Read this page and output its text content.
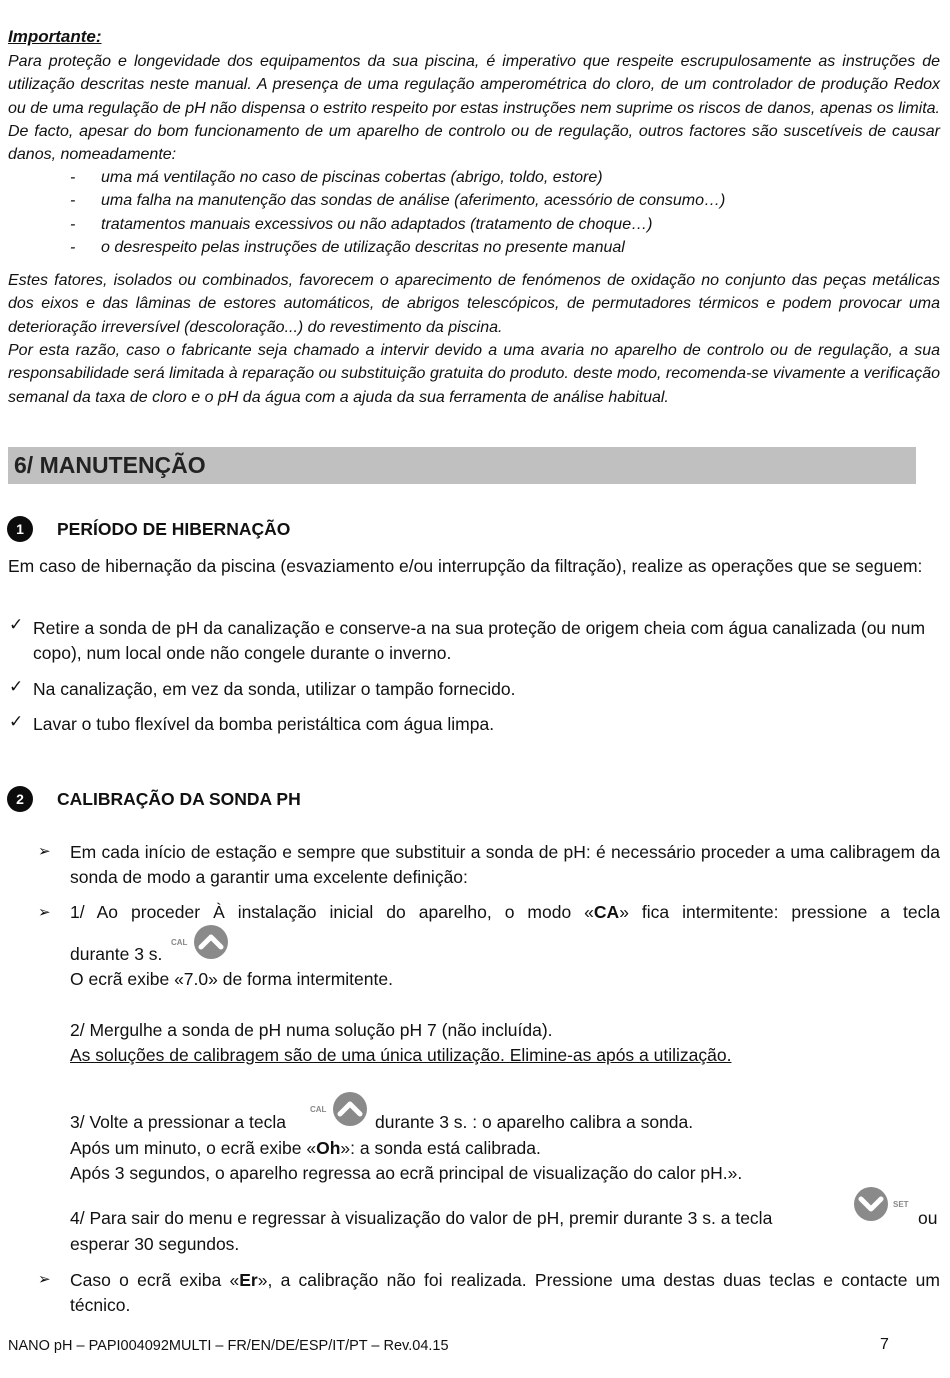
Importante:
Para proteção e longevidade dos equipamentos da sua piscina, é imperativo que respeite escrupulosamente as instruções de utilização descritas neste manual. A presença de uma regulação amperométrica do cloro, de um controlador de produção Redox ou de uma regulação de pH não dispensa o estrito respeito por estas instruções nem suprime os riscos de danos, apenas os limita. De facto, apesar do bom funcionamento de um aparelho de controlo ou de regulação, outros factores são suscetíveis de causar danos, nomeadamente:
- uma má ventilação no caso de piscinas cobertas (abrigo, toldo, estore)
- uma falha na manutenção das sondas de análise (aferimento, acessório de consumo…)
- tratamentos manuais excessivos ou não adaptados (tratamento de choque…)
- o desrespeito pelas instruções de utilização descritas no presente manual
Estes fatores, isolados ou combinados, favorecem o aparecimento de fenómenos de oxidação no conjunto das peças metálicas dos eixos e das lâminas de estores automáticos, de abrigos telescópicos, de permutadores térmicos e podem provocar uma deterioração irreversível (descoloração...) do revestimento da piscina.
Por esta razão, caso o fabricante seja chamado a intervir devido a uma avaria no aparelho de controlo ou de regulação, a sua responsabilidade será limitada à reparação ou substituição gratuita do produto. deste modo, recomenda-se vivamente a verificação semanal da taxa de cloro e o pH da água com a ajuda da sua ferramenta de análise habitual.
6/ MANUTENÇÃO
1	PERÍODO DE HIBERNAÇÃO
Em caso de hibernação da piscina (esvaziamento e/ou interrupção da filtração), realize as operações que se seguem:
✓ Retire a sonda de pH da canalização e conserve-a na sua proteção de origem cheia com água canalizada (ou num copo), num local onde não congele durante o inverno.
✓ Na canalização, em vez da sonda, utilizar o tampão fornecido.
✓ Lavar o tubo flexível da bomba peristáltica com água limpa.
2	CALIBRAÇÃO DA SONDA PH
➢ Em cada início de estação e sempre que substituir a sonda de pH: é necessário proceder a uma calibragem da sonda de modo a garantir uma excelente definição:
➢ 1/ Ao proceder À instalação inicial do aparelho, o modo «CA» fica intermitente: pressione a tecla
durante 3 s.
CAL
O ecrã exibe «7.0» de forma intermitente.
2/ Mergulhe a sonda de pH numa solução pH 7 (não incluída).
As soluções de calibragem são de uma única utilização. Elimine-as após a utilização.
3/ Volte a pressionar a tecla
CAL
durante 3 s. : o aparelho calibra a sonda.
Após um minuto, o ecrã exibe «Oh»: a sonda está calibrada.
Após 3 segundos, o aparelho regressa ao ecrã principal de visualização do calor pH.».
4/ Para sair do menu e regressar à visualização do valor de pH, premir durante 3 s. a tecla
SET
ou
esperar 30 segundos.
➢ Caso o ecrã exiba «Er», a calibração não foi realizada. Pressione uma destas duas teclas e contacte um técnico.
NANO pH – PAPI004092MULTI – FR/EN/DE/ESP/IT/PT – Rev.04.15	7
